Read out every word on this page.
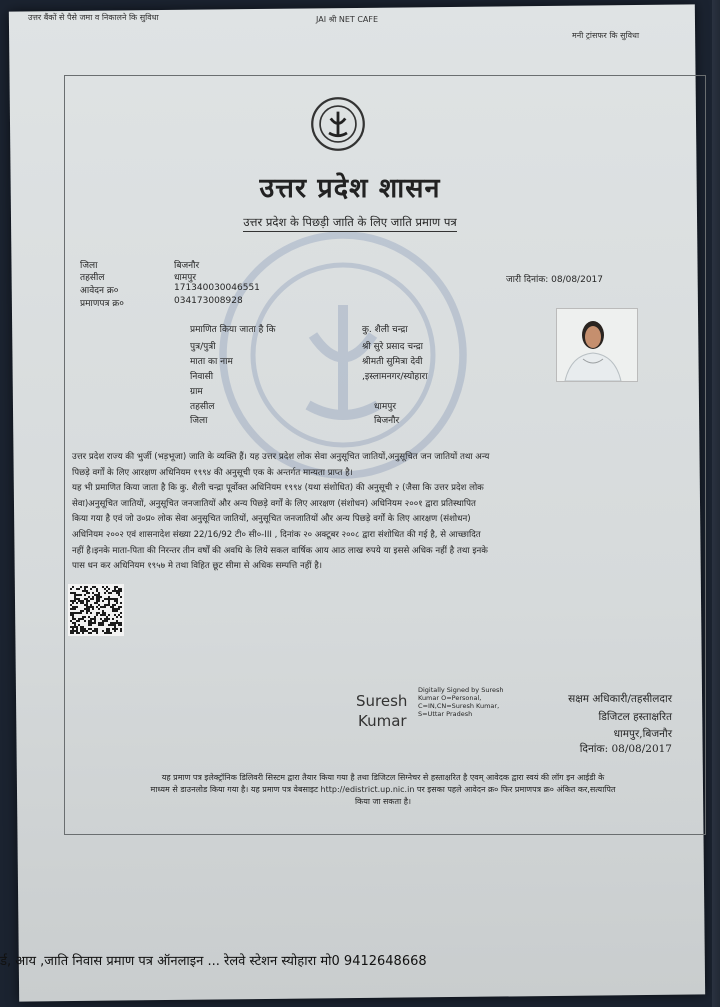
उत्तर बैंकों से पैसे जमा व निकालने कि सुविधा	JAI श्री NET CAFE
मनी ट्रांसफर कि सुविधा
उत्तर प्रदेश शासन
उत्तर प्रदेश के पिछड़ी जाति के लिए जाति प्रमाण पत्र
जिला	बिजनौर
तहसील	धामपुर
आवेदन क्र०	171340030046551
प्रमाणपत्र क्र०	034173008928
जारी दिनांक: 08/08/2017
प्रमाणित किया जाता है कि	कु. शैली चन्द्रा
पुत्र/पुत्री	श्री सुरे प्रसाद चन्द्रा
माता का नाम	श्रीमती सुमित्रा देवी
निवासी	,इस्लामनगर/स्योहारा
ग्राम
तहसील	धामपुर
जिला	बिजनौर

उत्तर प्रदेश राज्य की भुर्जी (भड़भूजा) जाति के व्यक्ति हैं। यह उत्तर प्रदेश लोक सेवा अनुसूचित जातियों,अनुसूचित जन जातियों तथा अन्य

पिछड़े वर्गों के लिए आरक्षण अधिनियम १९९४ की अनुसूची एक के अन्तर्गत मान्यता प्राप्त है।

यह भी प्रमाणित किया जाता है कि कु. शैली चन्द्रा पूर्वोक्त अधिनियम १९९४ (यथा संशोधित) की अनुसूची २ (जैसा कि उत्तर प्रदेश लोक

सेवा)अनुसूचित जातियों, अनुसूचित जनजातियों और अन्य पिछड़े वर्गों के लिए आरक्षण (संशोधन) अधिनियम २००१ द्वारा प्रतिस्थापित

किया गया है एवं जो उ०प्र० लोक सेवा अनुसूचित जातियों, अनुसूचित जनजातियों और अन्य पिछड़े वर्गों के लिए आरक्षण (संशोधन)

अधिनियम २००२ एवं शासनादेश संख्या 22/16/92 टी० सी०-III , दिनांक २० अक्टूबर २००८ द्वारा संशोधित की गई है, से आच्छादित

नहीं है।इनके माता-पिता की निरन्तर तीन वर्षों की अवधि के लिये सकल वार्षिक आय आठ लाख रुपये या इससे अधिक नहीं है तथा इनके

पास धन कर अधिनियम १९५७ मे तथा विहित छूट सीमा से अधिक सम्पत्ति नहीं है।

Suresh
Kumar
Digitally Signed by Suresh
Kumar O=Personal,
C=IN,CN=Suresh Kumar,
S=Uttar Pradesh
सक्षम अधिकारी/तहसीलदार
डिजिटल हस्ताक्षरित
धामपुर,बिजनौर
दिनांक: 08/08/2017

यह प्रमाण पत्र इलेक्ट्रॉनिक डिलिवरी सिस्टम द्वारा तैयार किया गया है तथा डिजिटल सिग्नेचर से हस्ताक्षरित है एवम् आवेदक द्वारा स्वयं की लॉग इन आईडी के

माध्यम से डाउनलोड किया गया है। यह प्रमाण पत्र वेबसाइट http://edistrict.up.nic.in पर इसका पहले आवेदन क्र० फिर प्रमाणपत्र क्र० अंकित कर,सत्यापित

किया जा सकता है।

र्ड, आय ,जाति निवास प्रमाण पत्र ऑनलाइन ... रेलवे स्टेशन स्योहारा मो0 9412648668
